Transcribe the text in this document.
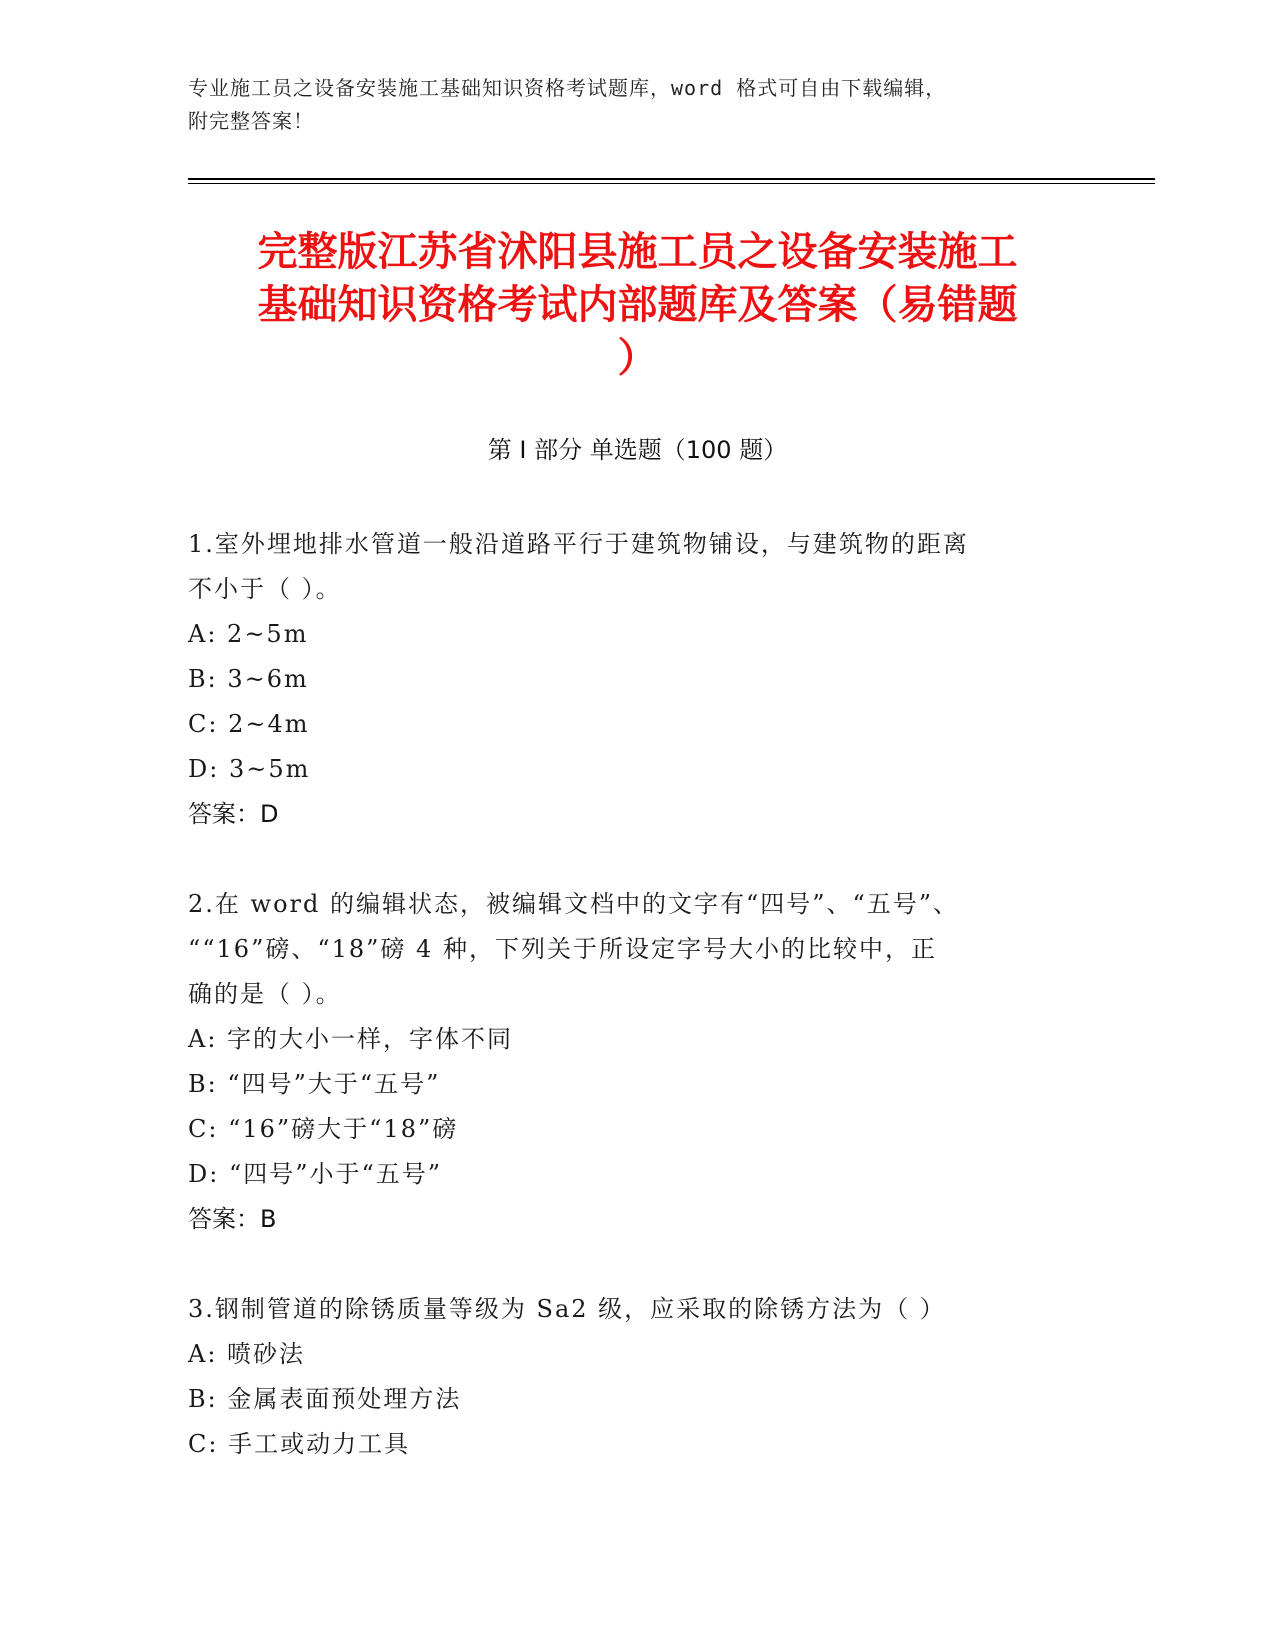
专业施工员之设备安装施工基础知识资格考试题库，word 格式可自由下载编辑，
附完整答案！
完整版江苏省沭阳县施工员之设备安装施工
基础知识资格考试内部题库及答案（易错题
）
第 I 部分 单选题（100 题）
1.室外埋地排水管道一般沿道路平行于建筑物铺设，与建筑物的距离
不小于（ ）。
A: 2~5m
B: 3~6m
C: 2~4m
D: 3~5m
答案：D
2.在 word 的编辑状态，被编辑文档中的文字有“四号”、“五号”、
““16”磅、“18”磅 4 种，下列关于所设定字号大小的比较中，正
确的是（ ）。
A: 字的大小一样，字体不同
B: “四号”大于“五号”
C: “16”磅大于“18”磅
D: “四号”小于“五号”
答案：B
3.钢制管道的除锈质量等级为 Sa2 级，应采取的除锈方法为（ ）
A: 喷砂法
B: 金属表面预处理方法
C: 手工或动力工具
